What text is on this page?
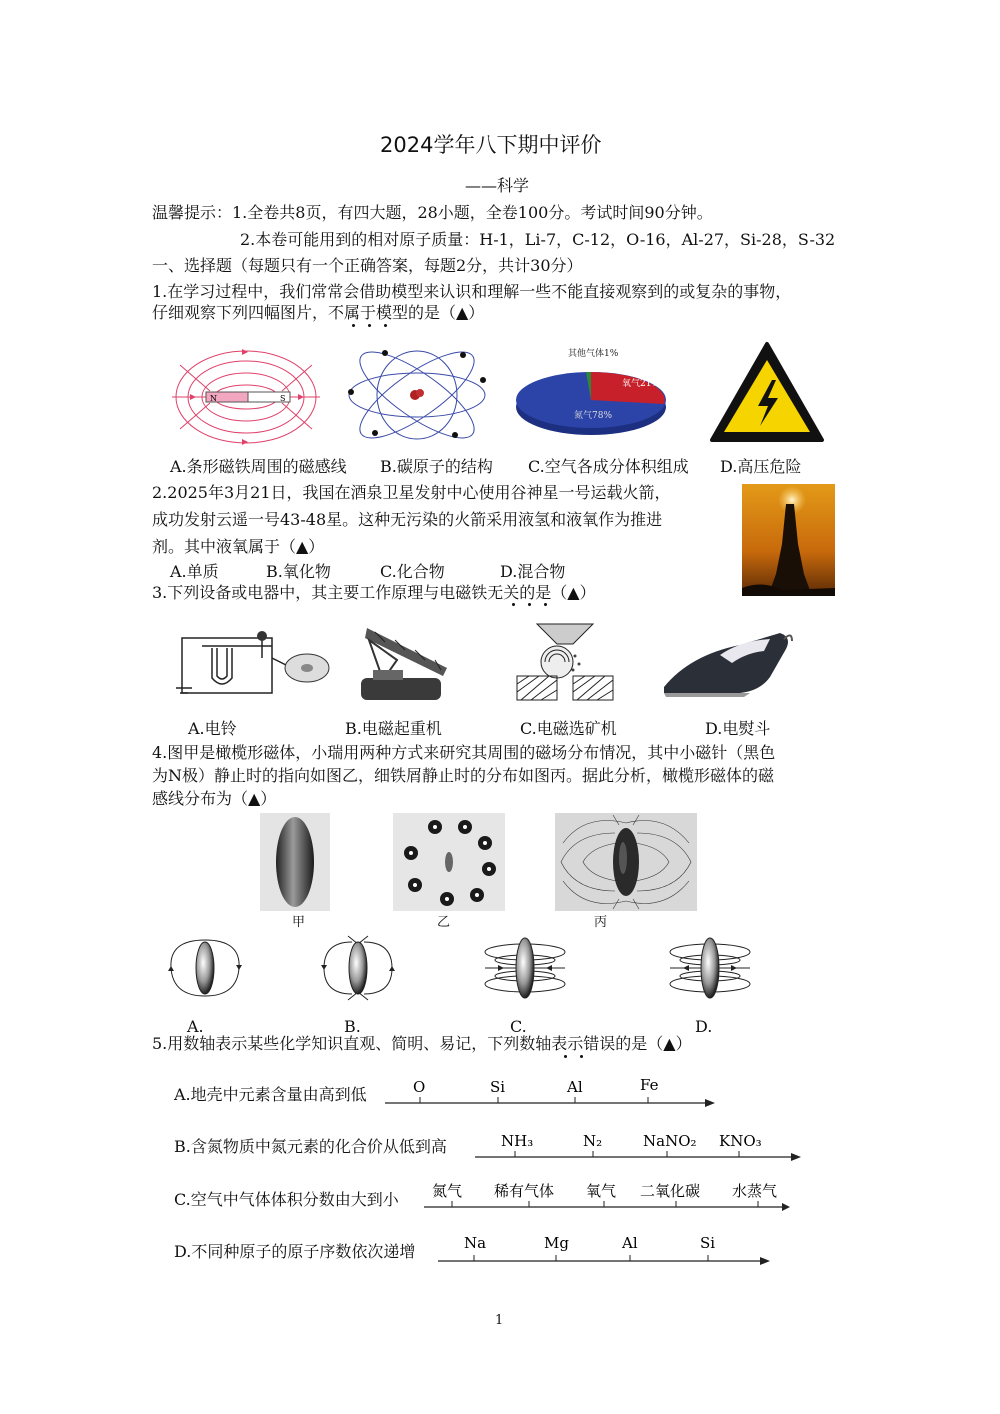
2024学年八下期中评价
——科学
温馨提示：1.全卷共8页，有四大题，28小题，全卷100分。考试时间90分钟。
2.本卷可能用到的相对原子质量：H-1，Li-7，C-12，O-16，Al-27，Si-28，S-32
一、选择题（每题只有一个正确答案，每题2分，共计30分）
1.在学习过程中，我们常常会借助模型来认识和理解一些不能直接观察到的或复杂的事物，
仔细观察下列四幅图片，不属于模型的是（▲）
N	S
其他气体1%
氧气21%
氮气78%
A.条形磁铁周围的磁感线 B.碳原子的结构 C.空气各成分体积组成 D.高压危险
2.2025年3月21日，我国在酒泉卫星发射中心使用谷神星一号运载火箭，
成功发射云遥一号43-48星。这种无污染的火箭采用液氢和液氧作为推进
剂。其中液氧属于（▲）
A.单质	B.氧化物	C.化合物	D.混合物
3.下列设备或电器中，其主要工作原理与电磁铁无关的是（▲）
A.电铃	B.电磁起重机	C.电磁选矿机	D.电熨斗
4.图甲是橄榄形磁体，小瑞用两种方式来研究其周围的磁场分布情况，其中小磁针（黑色
为N极）静止时的指向如图乙，细铁屑静止时的分布如图丙。据此分析，橄榄形磁体的磁
感线分布为（▲）
甲	乙	丙
A.	B.	C.	D.
5.用数轴表示某些化学知识直观、简明、易记，下列数轴表示错误的是（▲）
A.地壳中元素含量由高到低	O	Si	Al	Fe
B.含氮物质中氮元素的化合价从低到高	NH₃	N₂	NaNO₂ KNO₃
C.空气中气体体积分数由大到小 氮气 稀有气体 氧气 二氧化碳 水蒸气
D.不同种原子的原子序数依次递增	Na	Mg	Al	Si
1
